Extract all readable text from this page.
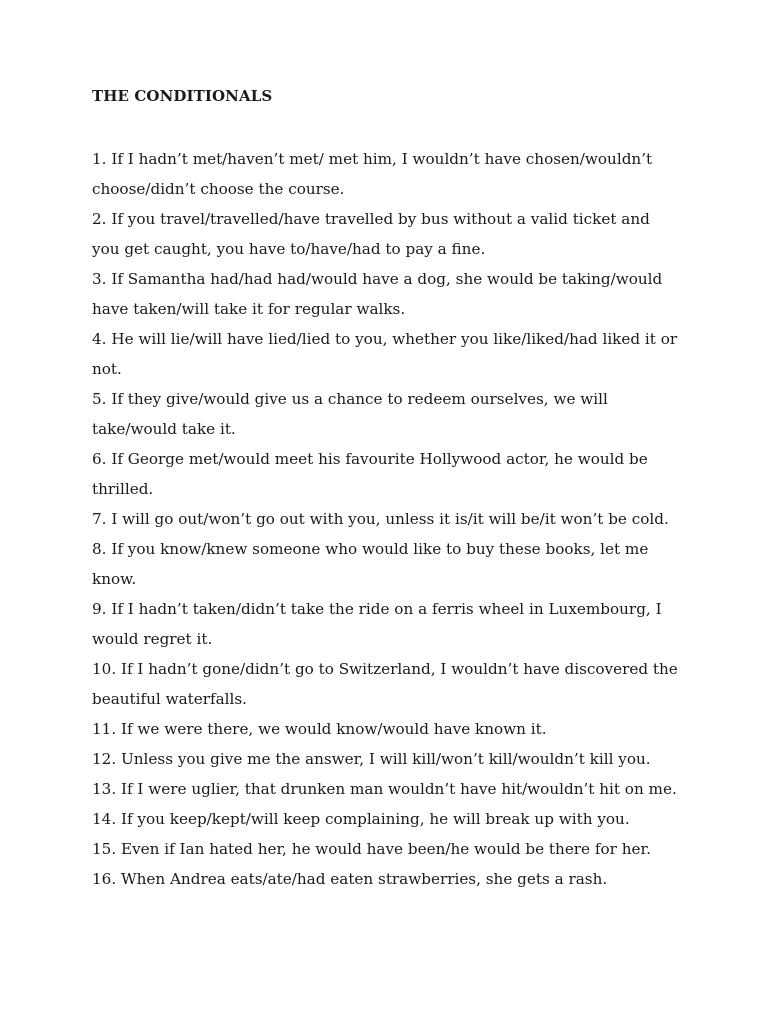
THE CONDITIONALS
1. If I hadn’t met/haven’t met/ met him, I wouldn’t have chosen/wouldn’t choose/didn’t choose the course.
2. If you travel/travelled/have travelled by bus without a valid ticket and you get caught, you have to/have/had to pay a fine.
3. If Samantha had/had had/would have a dog, she would be taking/would have taken/will take it for regular walks.
4. He will lie/will have lied/lied to you, whether you like/liked/had liked it or not.
5. If they give/would give us a chance to redeem ourselves, we will take/would take it.
6. If George met/would meet his favourite Hollywood actor, he would be thrilled.
7. I will go out/won’t go out with you, unless it is/it will be/it won’t be cold.
8. If you know/knew someone who would like to buy these books, let me know.
9. If I hadn’t taken/didn’t take the ride on a ferris wheel in Luxembourg, I would regret it.
10. If I hadn’t gone/didn’t go to Switzerland, I wouldn’t have discovered the beautiful waterfalls.
11. If we were there, we would know/would have known it.
12. Unless you give me the answer, I will kill/won’t kill/wouldn’t kill you.
13. If I were uglier, that drunken man wouldn’t have hit/wouldn’t hit on me.
14. If you keep/kept/will keep complaining, he will break up with you.
15. Even if Ian hated her, he would have been/he would be there for her.
16. When Andrea eats/ate/had eaten strawberries, she gets a rash.
